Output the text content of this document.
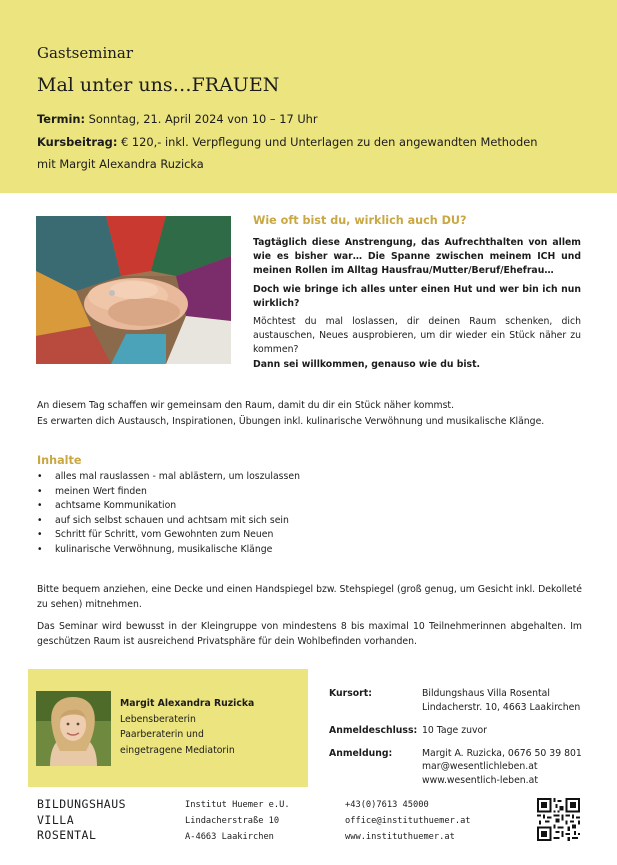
Gastseminar
Mal unter uns…FRAUEN
Termin: Sonntag, 21. April 2024 von 10 – 17 Uhr
Kursbeitrag: € 120,- inkl. Verpflegung und Unterlagen zu den angewandten Methoden
mit Margit Alexandra Ruzicka
Wie oft bist du, wirklich auch DU?

Tagtäglich diese Anstrengung, das Aufrechthalten von allem wie es bisher war… Die Spanne zwischen meinem ICH und meinen Rollen im Alltag Hausfrau/Mutter/Beruf/Ehefrau…

Doch wie bringe ich alles unter einen Hut und wer bin ich nun wirklich?

Möchtest du mal loslassen, dir deinen Raum schenken, dich austauschen, Neues ausprobieren, um dir wieder ein Stück näher zu kommen?

Dann sei willkommen, genauso wie du bist.

An diesem Tag schaffen wir gemeinsam den Raum, damit du dir ein Stück näher kommst.
Es erwarten dich Austausch, Inspirationen, Übungen inkl. kulinarische Verwöhnung und musikalische Klänge.
Inhalte
• alles mal rauslassen - mal ablästern, um loszulassen
• meinen Wert finden
• achtsame Kommunikation
• auf sich selbst schauen und achtsam mit sich sein
• Schritt für Schritt, vom Gewohnten zum Neuen
• kulinarische Verwöhnung, musikalische Klänge

Bitte bequem anziehen, eine Decke und einen Handspiegel bzw. Stehspiegel (groß genug, um Gesicht inkl. Dekolleté zu sehen) mitnehmen.

Das Seminar wird bewusst in der Kleingruppe von mindestens 8 bis maximal 10 Teilnehmerinnen abgehalten. Im geschützen Raum ist ausreichend Privatsphäre für dein Wohlbefinden vorhanden.

Margit Alexandra Ruzicka
Lebensberaterin
Paarberaterin und
eingetragene Mediatorin
Kursort:	Bildungshaus Villa Rosental
Lindacherstr. 10, 4663 Laakirchen
Anmeldeschluss: 10 Tage zuvor
Anmeldung:	Margit A. Ruzicka, 0676 50 39 801
mar@wesentlichleben.at
www.wesentlich-leben.at
BILDUNGSHAUS
VILLA
ROSENTAL
Institut Huemer e.U.
Lindacherstraße 10
A-4663 Laakirchen
+43(0)7613 45000
office@instituthuemer.at
www.instituthuemer.at
